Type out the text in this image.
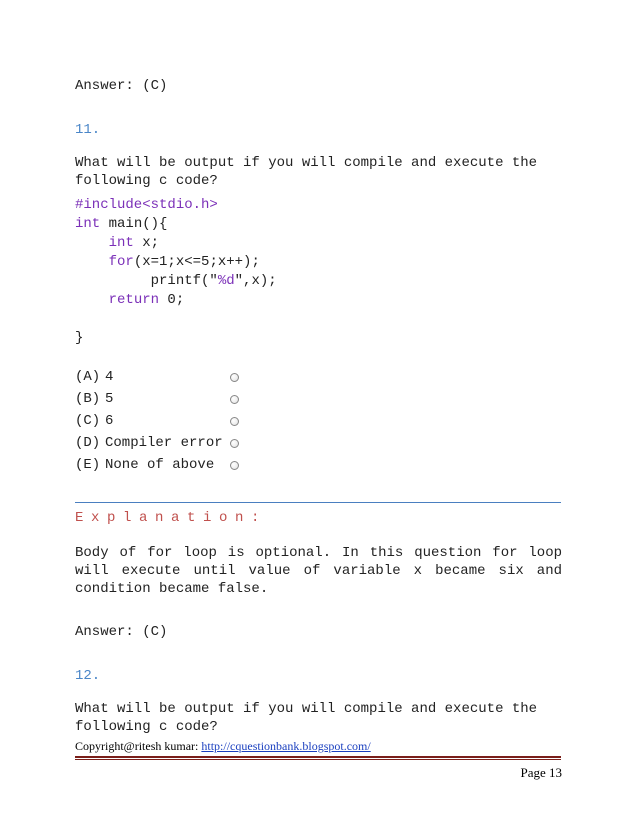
Answer: (C)
11.
What will be output if you will compile and execute the
following c code?
#include<stdio.h>
int main(){
int x;
for(x=1;x<=5;x++);
printf("%d",x);
return 0;

}
(A) 4
(B) 5
(C) 6
(D) Compiler error
(E) None of above
Explanation:
Body of for loop is optional. In this question for loop
will execute until value of variable x became six and
condition became false.
Answer: (C)
12.
What will be output if you will compile and execute the
following c code?
Copyright@ritesh kumar: http://cquestionbank.blogspot.com/
Page 13
